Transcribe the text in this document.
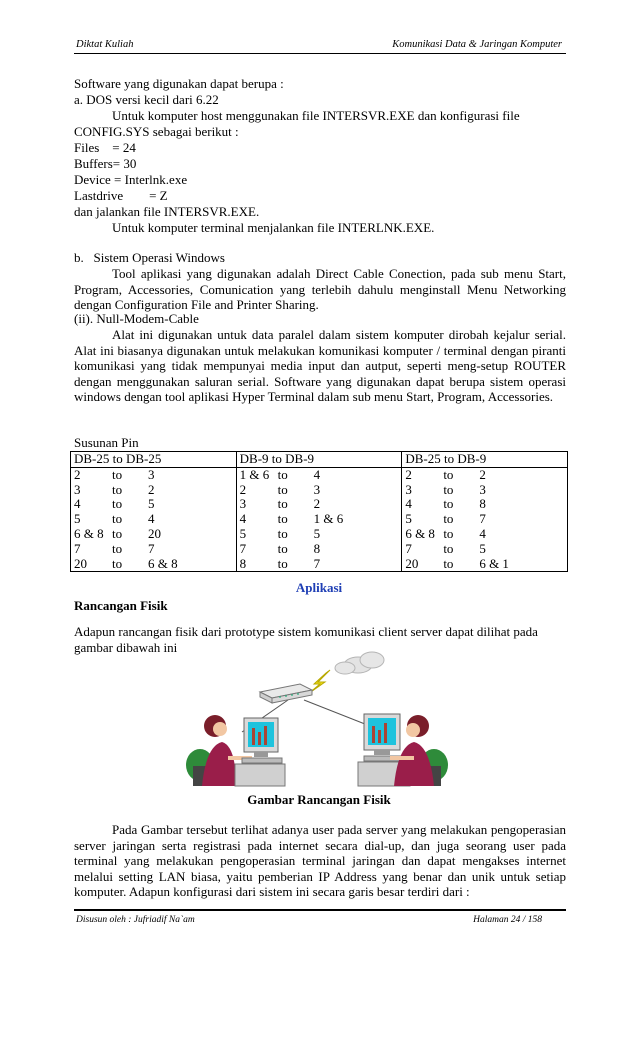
Diktat Kuliah	Komunikasi Data & Jaringan Komputer
Software yang digunakan dapat berupa :
a. DOS versi kecil dari 6.22
Untuk komputer host menggunakan file INTERSVR.EXE dan konfigurasi file
CONFIG.SYS sebagai berikut :
Files    = 24
Buffers= 30
Device = Interlnk.exe
Lastdrive        = Z
dan jalankan file INTERSVR.EXE.
Untuk komputer terminal menjalankan file INTERLNK.EXE.
b.   Sistem Operasi Windows
Tool aplikasi yang digunakan adalah Direct Cable Conection, pada sub menu Start, Program, Accessories, Comunication yang terlebih dahulu menginstall Menu Networking dengan Configuration File and Printer Sharing.
(ii). Null-Modem-Cable
Alat ini digunakan untuk data paralel dalam sistem komputer dirobah kejalur serial. Alat ini biasanya digunakan untuk melakukan komunikasi komputer / terminal dengan piranti komunikasi yang tidak mempunyai media input dan autput, seperti meng-setup ROUTER dengan menggunakan saluran serial. Software yang digunakan dapat berupa sistem operasi windows dengan tool aplikasi Hyper Terminal dalam sub menu Start, Program, Accessories.
Susunan Pin
DB-25 to DB-25	DB-9 to DB-9	DB-25 to DB-9

2 to 3	1 & 6 to 4	2 to 2

3 to 2	2 to 3	3 to 3

4 to 5	3 to 2	4 to 8

5 to 4	4 to 1 & 6	5 to 7

6 & 8 to 20	5 to 5	6 & 8 to 4

7 to 7	7 to 8	7 to 5

20 to 6 & 8	8 to 7	20 to 6 & 1
Aplikasi
Rancangan Fisik
Adapun rancangan fisik dari prototype sistem komunikasi client server dapat dilihat pada gambar dibawah ini
Gambar Rancangan Fisik
Pada Gambar tersebut terlihat adanya user pada server yang melakukan pengoperasian server jaringan serta registrasi pada internet secara dial-up, dan juga seorang user pada terminal yang melakukan pengoperasian terminal jaringan dan dapat mengakses internet melalui setting LAN biasa, yaitu pemberian IP Address yang benar dan unik untuk setiap komputer. Adapun konfigurasi dari sistem ini secara garis besar terdiri dari :
Disusun oleh : Jufriadif Na`am	Halaman 24 / 158
